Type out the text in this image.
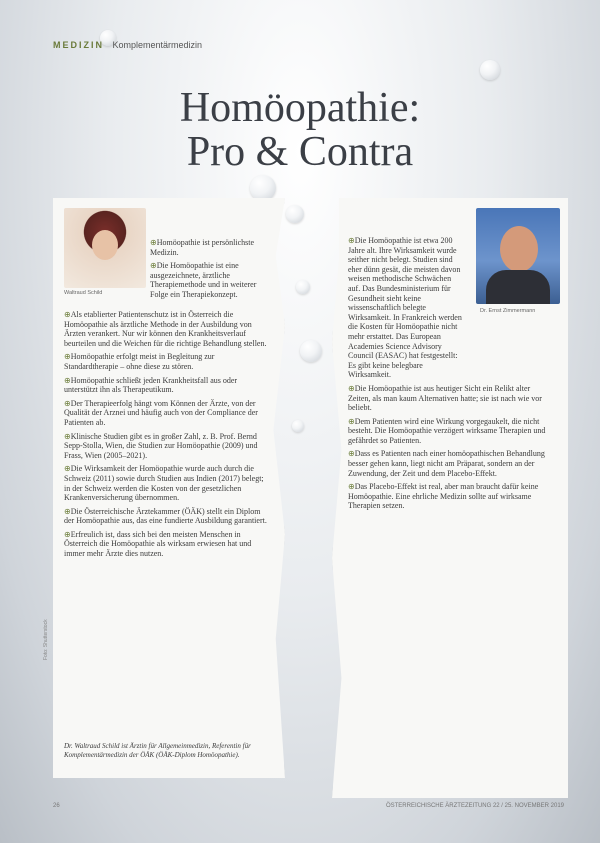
MEDIZIN Komplementärmedizin
Homöopathie:
Pro & Contra
Waltraud Schild
⊕ Homöopathie ist persönlichste Medizin.
⊕ Die Homöopathie ist eine ausgezeichnete, ärztliche Therapiemethode und in weiterer Folge ein Therapiekonzept.
⊕ Als etablierter Patientenschutz ist in Österreich die Homöopathie als ärztliche Methode in der Ausbildung von Ärzten verankert. Nur wir können den Krankheitsverlauf beurteilen und die Weichen für die richtige Behandlung stellen.
⊕ Homöopathie erfolgt meist in Begleitung zur Standardtherapie – ohne diese zu stören.
⊕ Homöopathie schließt jeden Krankheitsfall aus oder unterstützt ihn als Therapeutikum.
⊕ Der Therapieerfolg hängt vom Können der Ärzte, von der Qualität der Arznei und häufig auch von der Compliance der Patienten ab.
⊕ Klinische Studien gibt es in großer Zahl, z. B. Prof. Bernd Sepp-Stolla, Wien, die Studien zur Homöopathie (2009) und Frass, Wien (2005–2021).
⊕ Die Wirksamkeit der Homöopathie wurde auch durch die Schweiz (2011) sowie durch Studien aus Indien (2017) belegt; in der Schweiz werden die Kosten von der gesetzlichen Krankenversicherung übernommen.
⊕ Die Österreichische Ärztekammer (ÖÄK) stellt ein Diplom der Homöopathie aus, das eine fundierte Ausbildung garantiert.
⊕ Erfreulich ist, dass sich bei den meisten Menschen in Österreich die Homöopathie als wirksam erwiesen hat und immer mehr Ärzte dies nutzen.
Dr. Waltraud Schild ist Ärztin für Allgemeinmedizin, Referentin für Komplementärmedizin der ÖÄK (ÖÄK-Diplom Homöopathie).
Dr. Ernst Zimmermann
⊕ Die Homöopathie ist etwa 200 Jahre alt. Ihre Wirksamkeit wurde seither nicht belegt. Studien sind eher dünn gesät, die meisten davon weisen methodische Schwächen auf. Das Bundesministerium für Gesundheit sieht keine wissenschaftlich belegte Wirksamkeit. In Frankreich werden die Kosten für Homöopathie nicht mehr erstattet. Das European Academies Science Advisory Council (EASAC) hat festgestellt: Es gibt keine belegbare Wirksamkeit.
⊕ Die Homöopathie ist aus heutiger Sicht ein Relikt alter Zeiten, als man kaum Alternativen hatte; sie ist nach wie vor beliebt.
⊕ Dem Patienten wird eine Wirkung vorgegaukelt, die nicht besteht. Die Homöopathie verzögert wirksame Therapien und gefährdet so Patienten.
⊕ Dass es Patienten nach einer homöopathischen Behandlung besser gehen kann, liegt nicht am Präparat, sondern an der Zuwendung, der Zeit und dem Placebo-Effekt.
⊕ Das Placebo-Effekt ist real, aber man braucht dafür keine Homöopathie. Eine ehrliche Medizin sollte auf wirksame Therapien setzen.
Foto: Shutterstock
26	ÖSTERREICHISCHE ÄRZTEZEITUNG 22 / 25. NOVEMBER 2019
